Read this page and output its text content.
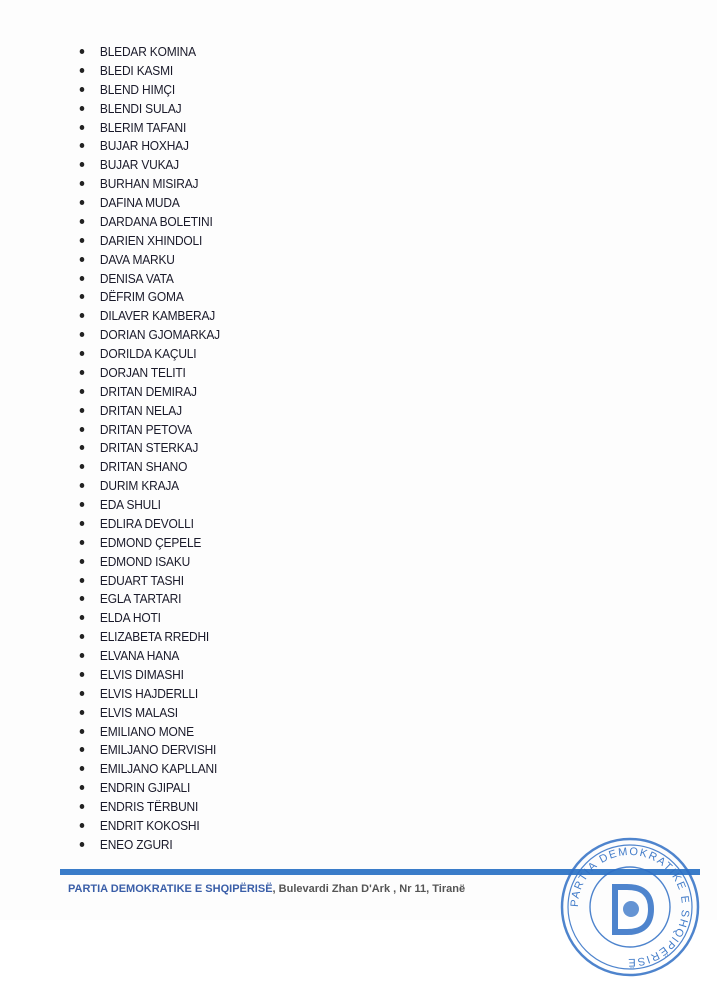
BLEDAR KOMINA
BLEDI KASMI
BLEND HIMÇI
BLENDI SULAJ
BLERIM TAFANI
BUJAR HOXHAJ
BUJAR VUKAJ
BURHAN MISIRAJ
DAFINA MUDA
DARDANA BOLETINI
DARIEN XHINDOLI
DAVA MARKU
DENISA VATA
DËFRIM GOMA
DILAVER KAMBERAJ
DORIAN GJOMARKAJ
DORILDA KAÇULI
DORJAN TELITI
DRITAN DEMIRAJ
DRITAN NELAJ
DRITAN PETOVA
DRITAN STERKAJ
DRITAN SHANO
DURIM KRAJA
EDA SHULI
EDLIRA DEVOLLI
EDMOND ÇEPELE
EDMOND ISAKU
EDUART TASHI
EGLA TARTARI
ELDA HOTI
ELIZABETA RREDHI
ELVANA HANA
ELVIS DIMASHI
ELVIS HAJDERLLI
ELVIS MALASI
EMILIANO MONE
EMILJANO DERVISHI
EMILJANO KAPLLANI
ENDRIN GJIPALI
ENDRIS TËRBUNI
ENDRIT KOKOSHI
ENEO ZGURI
PARTIA DEMOKRATIKE E SHQIPËRISË, Bulevardi Zhan D'Ark , Nr 11, Tiranë
PARTIA DEMOKRATIKE E SHQIPËRISË
